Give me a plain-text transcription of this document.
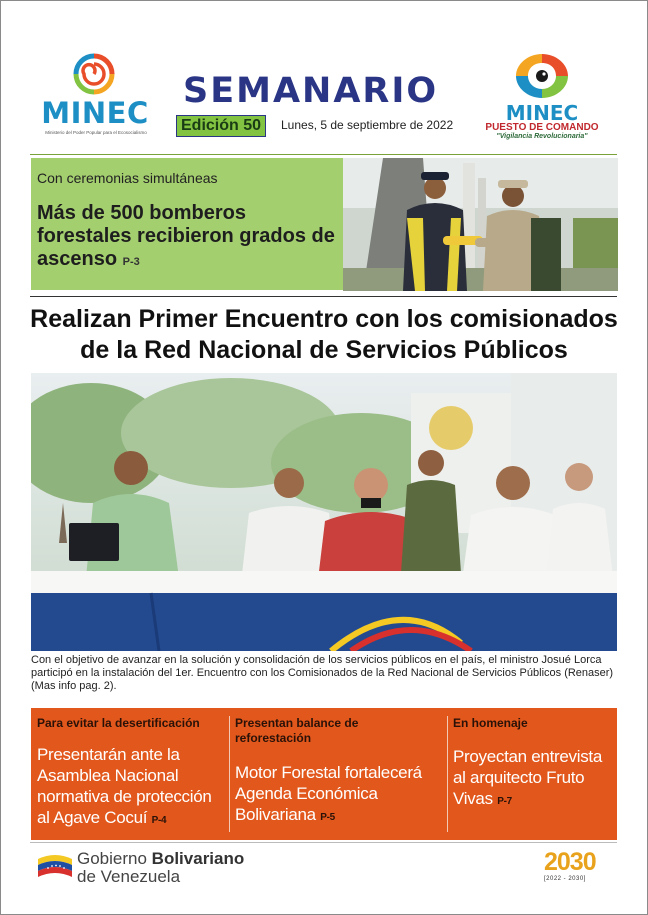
MINEC
Ministerio del Poder Popular para el Ecosocialismo
SEMANARIO
Edición 50	Lunes, 5 de septiembre de 2022	MINEC
PUESTO DE COMANDO
"Vigilancia Revolucionaria"
Con ceremonias simultáneas
Más de 500 bomberos forestales recibieron grados de ascenso P-3
Realizan Primer Encuentro con los comisionados de la Red Nacional de Servicios Públicos
Con el objetivo de avanzar en la solución y consolidación de los servicios públicos en el país, el ministro Josué Lorca participó en la instalación del 1er. Encuentro con los Comisionados de la Red Nacional de Servicios Públicos (Renaser) (Mas info pag. 2).
Para evitar la desertificación
Presentarán ante la Asamblea Nacional normativa de protección al Agave Cocuí P-4
Presentan balance de reforestación
Motor Forestal fortalecerá Agenda Económica Bolivariana P-5
En homenaje
Proyectan entrevista al arquitecto Fruto Vivas P-7
Gobierno Bolivariano
de Venezuela
2030
[2022 - 2030]
